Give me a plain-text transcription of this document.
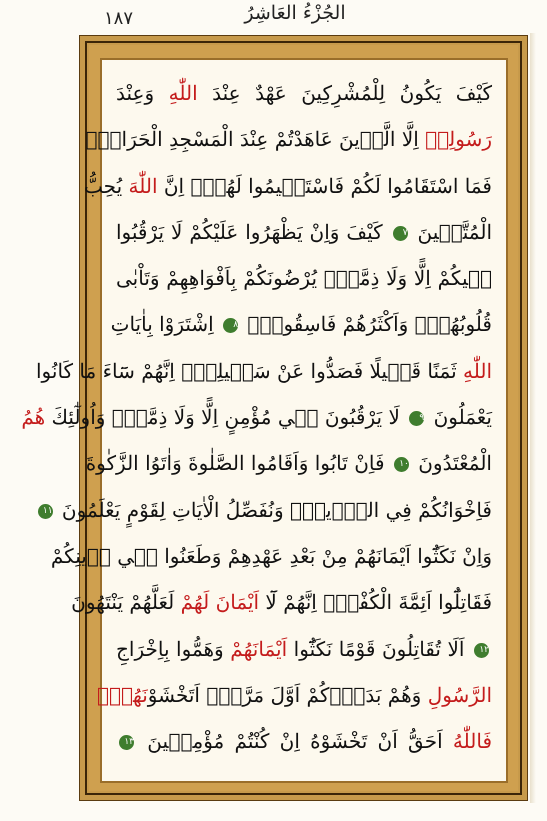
١٨٧	الجُزْءُ العَاشِرُ
كَيْفَ يَكُونُ لِلْمُشْرِكِينَ عَهْدٌ عِنْدَ اللّٰهِ وَعِنْدَ
رَسُولِهٖ اِلَّا الَّذٖينَ عَاهَدْتُمْ عِنْدَ الْمَسْجِدِ الْحَرَامِۚ
فَمَا اسْتَقَامُوا لَكُمْ فَاسْتَقٖيمُوا لَهُمْۜ اِنَّ اللّٰهَ يُحِبُّ
الْمُتَّقٖينَ ٧ كَيْفَ وَاِنْ يَظْهَرُوا عَلَيْكُمْ لَا يَرْقُبُوا
فٖيكُمْ اِلًّا وَلَا ذِمَّةًۜ يُرْضُونَكُمْ بِاَفْوَاهِهِمْ وَتَاْبٰى
قُلُوبُهُمْۚ وَاَكْثَرُهُمْ فَاسِقُونَۚ ٨ اِشْتَرَوْا بِاٰيَاتِ
اللّٰهِ ثَمَنًا قَلٖيلًا فَصَدُّوا عَنْ سَبٖيلِهٖۜ اِنَّهُمْ سَٓاءَ مَا كَانُوا
يَعْمَلُونَ ٩ لَا يَرْقُبُونَ فٖي مُؤْمِنٍ اِلًّا وَلَا ذِمَّةًۜ وَاُولٰٓئِكَ هُمُ
الْمُعْتَدُونَ ١٠ فَاِنْ تَابُوا وَاَقَامُوا الصَّلٰوةَ وَاٰتَوُا الزَّكٰوةَ
فَاِخْوَانُكُمْ فِي الدّٖينِۜ وَنُفَصِّلُ الْاٰيَاتِ لِقَوْمٍ يَعْلَمُونَ ١١
وَاِنْ نَكَثُٓوا اَيْمَانَهُمْ مِنْ بَعْدِ عَهْدِهِمْ وَطَعَنُوا فٖي دٖينِكُمْ
فَقَاتِلُٓوا اَئِمَّةَ الْكُفْرِۙ اِنَّهُمْ لَٓا اَيْمَانَ لَهُمْ لَعَلَّهُمْ يَنْتَهُونَ
١٢ اَلَا تُقَاتِلُونَ قَوْمًا نَكَثُٓوا اَيْمَانَهُمْ وَهَمُّوا بِاِخْرَاجِ
الرَّسُولِ وَهُمْ بَدَؤُ۫كُمْ اَوَّلَ مَرَّةٍۜ اَتَخْشَوْنَهُمْۚ
فَاللّٰهُ اَحَقُّ اَنْ تَخْشَوْهُ اِنْ كُنْتُمْ مُؤْمِنٖينَ ١٣
